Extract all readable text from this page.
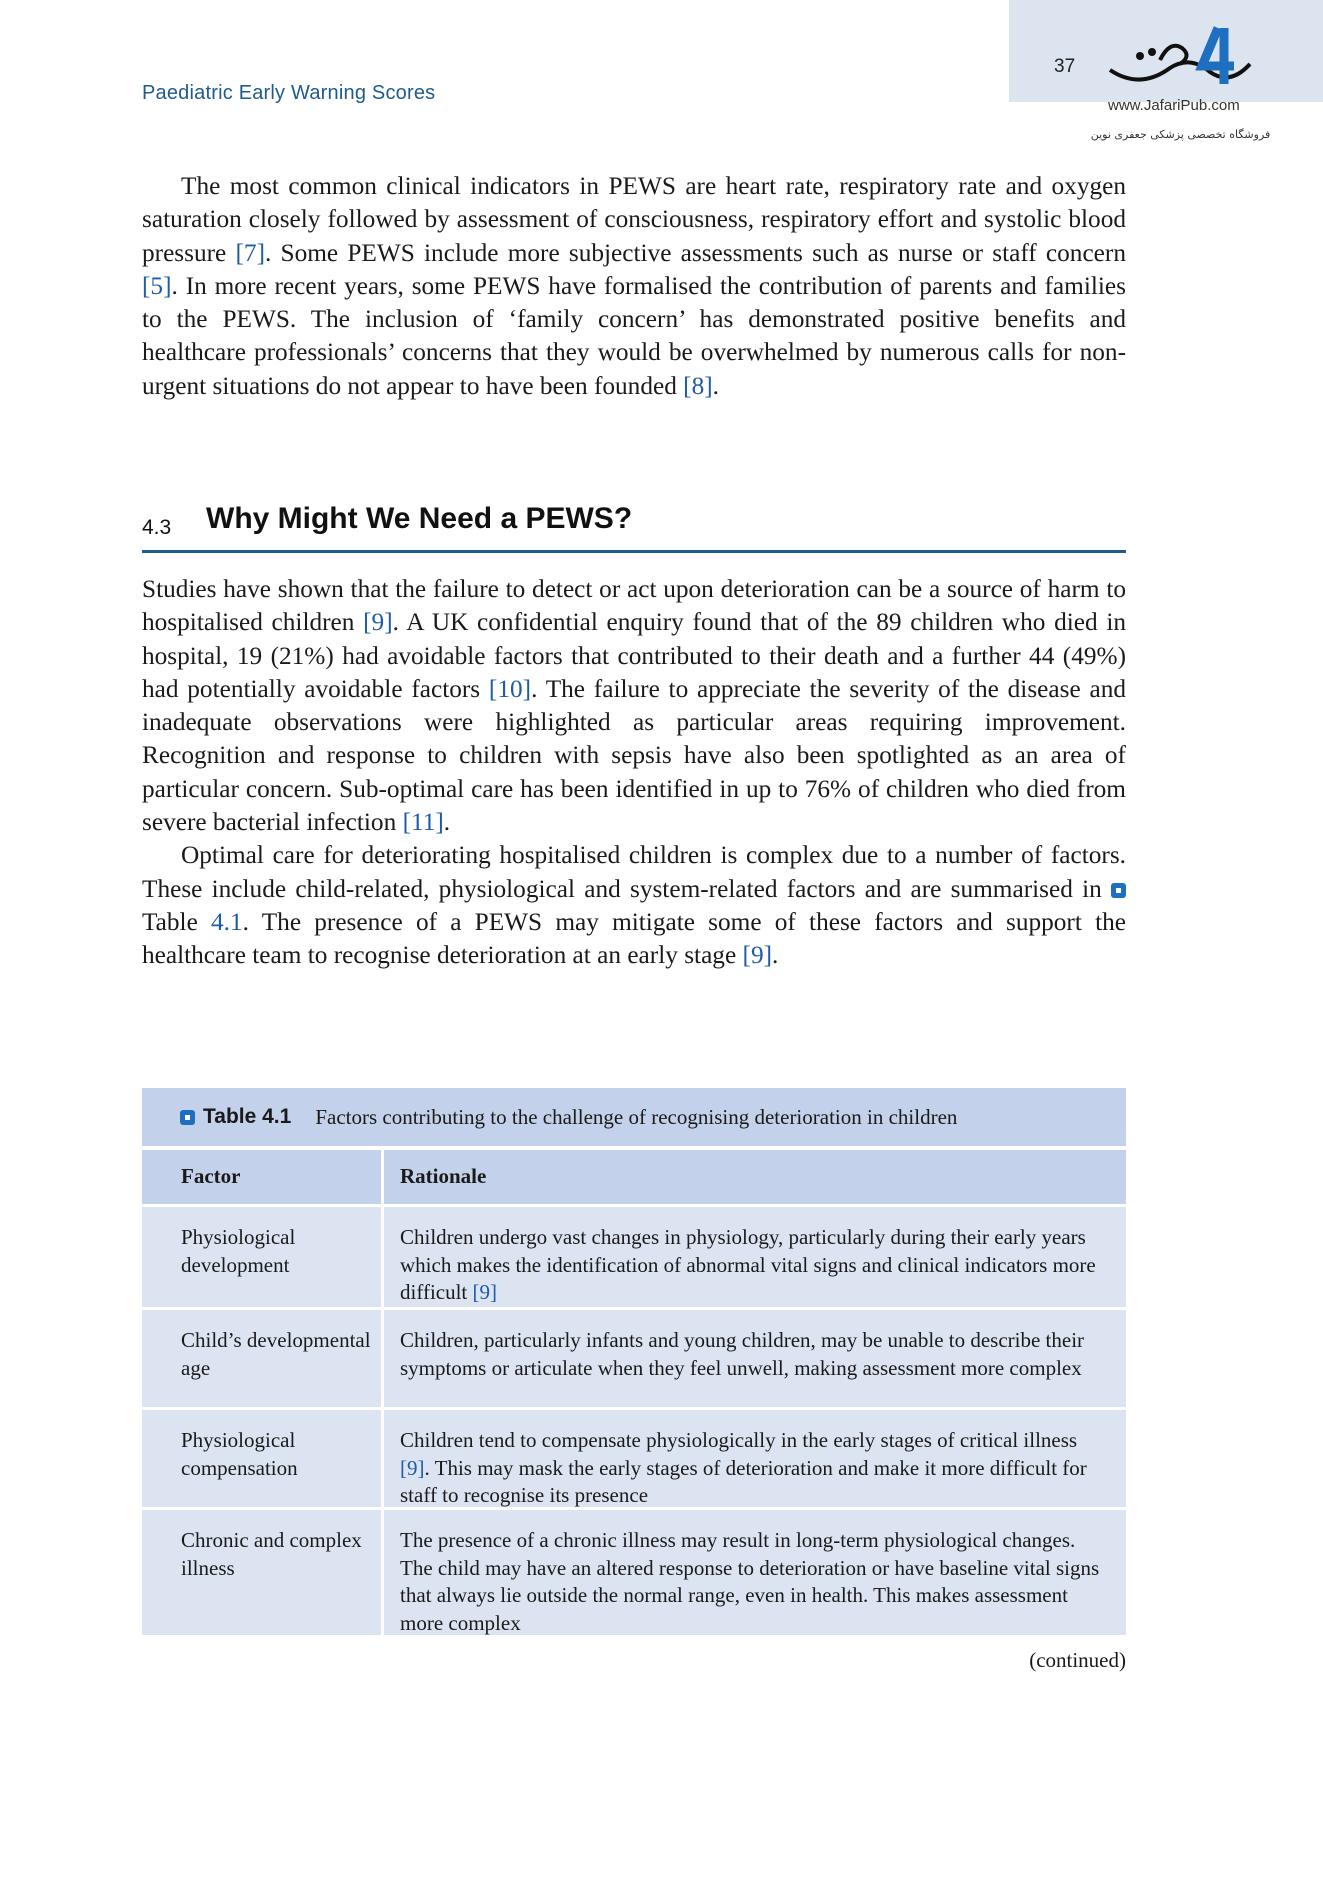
37
www.JafariPub.com
فروشگاه تخصصی پزشکی جعفری نوین
Paediatric Early Warning Scores

The most common clinical indicators in PEWS are heart rate, respiratory rate and oxygen saturation closely followed by assessment of consciousness, respiratory effort and systolic blood pressure [7]. Some PEWS include more subjective assessments such as nurse or staff concern [5]. In more recent years, some PEWS have formalised the contribution of parents and families to the PEWS. The inclusion of ‘family concern’ has demonstrated positive benefits and healthcare professionals’ concerns that they would be overwhelmed by numerous calls for non-urgent situations do not appear to have been founded [8].

4.3 Why Might We Need a PEWS?

Studies have shown that the failure to detect or act upon deterioration can be a source of harm to hospitalised children [9]. A UK confidential enquiry found that of the 89 children who died in hospital, 19 (21%) had avoidable factors that contributed to their death and a further 44 (49%) had potentially avoidable factors [10]. The failure to appreciate the severity of the disease and inadequate observations were highlighted as particular areas requiring improvement. Recognition and response to children with sepsis have also been spotlighted as an area of particular concern. Sub-optimal care has been identified in up to 76% of children who died from severe bacterial infection [11].

Optimal care for deteriorating hospitalised children is complex due to a number of factors. These include child-related, physiological and system-related factors and are summarised in  Table 4.1. The presence of a PEWS may mitigate some of these factors and support the healthcare team to recognise deterioration at an early stage [9].

Table 4.1 Factors contributing to the challenge of recognising deterioration in children
Factor	Rationale
Physiological development
Children undergo vast changes in physiology, particularly during their early years which makes the identification of abnormal vital signs and clinical indicators more difficult [9]
Child’s developmental age
Children, particularly infants and young children, may be unable to describe their symptoms or articulate when they feel unwell, making assessment more complex
Physiological compensation
Children tend to compensate physiologically in the early stages of critical illness [9]. This may mask the early stages of deterioration and make it more difficult for staff to recognise its presence
Chronic and complex illness
The presence of a chronic illness may result in long-term physiological changes. The child may have an altered response to deterioration or have baseline vital signs that always lie outside the normal range, even in health. This makes assessment more complex
(continued)
